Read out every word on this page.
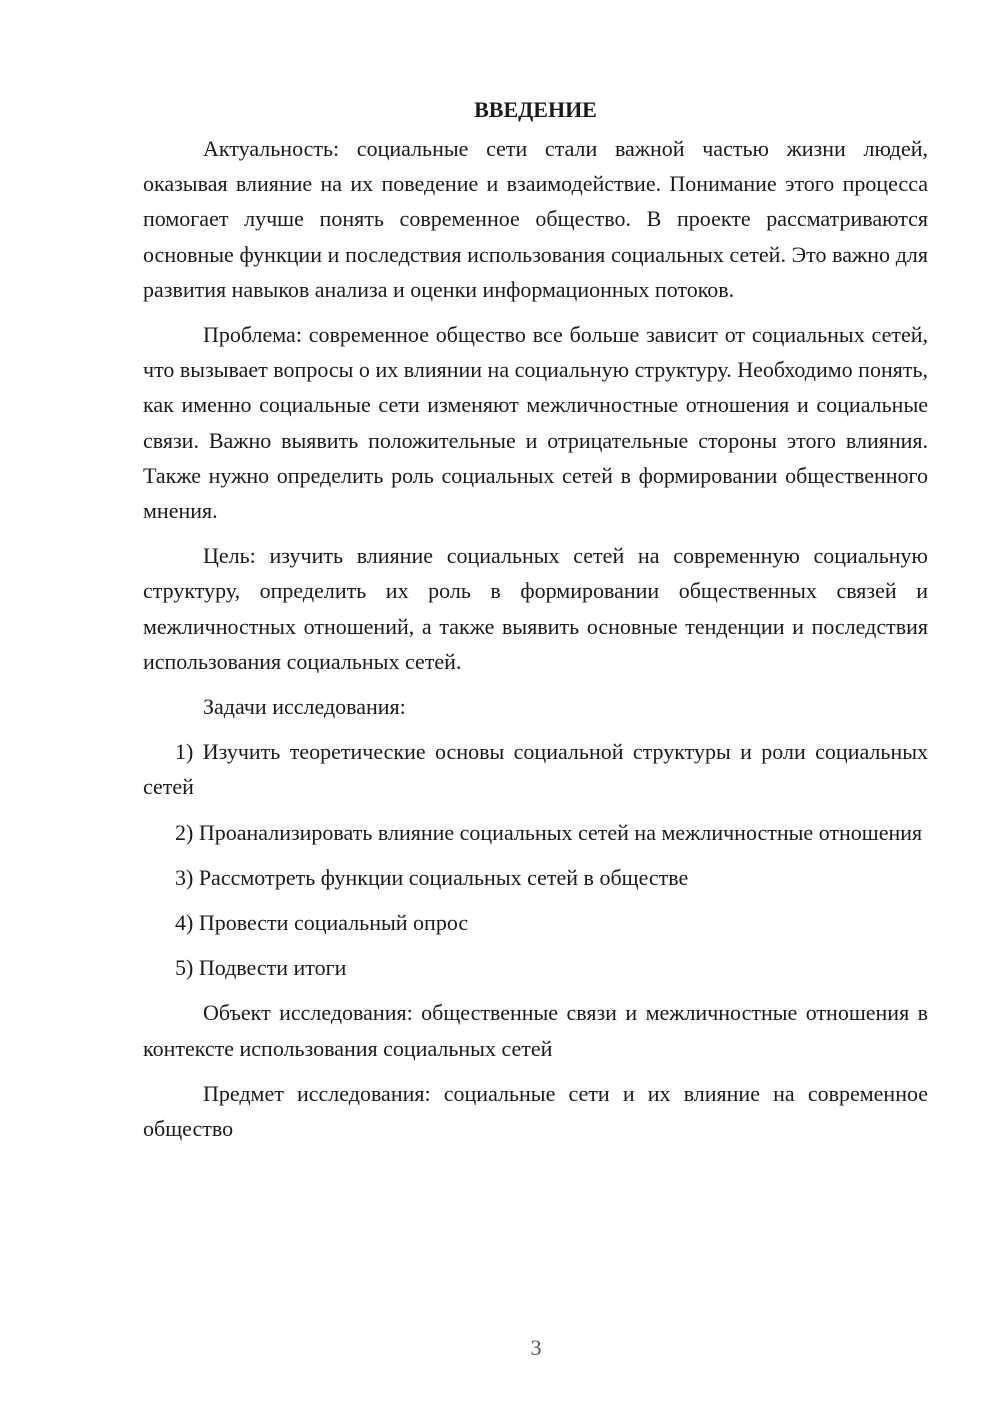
ВВЕДЕНИЕ

Актуальность: социальные сети стали важной частью жизни людей, оказывая влияние на их поведение и взаимодействие. Понимание этого процесса помогает лучше понять современное общество. В проекте рассматриваются основные функции и последствия использования социальных сетей. Это важно для развития навыков анализа и оценки информационных потоков.

Проблема: современное общество все больше зависит от социальных сетей, что вызывает вопросы о их влиянии на социальную структуру. Необходимо понять, как именно социальные сети изменяют межличностные отношения и социальные связи. Важно выявить положительные и отрицательные стороны этого влияния. Также нужно определить роль социальных сетей в формировании общественного мнения.

Цель: изучить влияние социальных сетей на современную социальную структуру, определить их роль в формировании общественных связей и межличностных отношений, а также выявить основные тенденции и последствия использования социальных сетей.

Задачи исследования:

1) Изучить теоретические основы социальной структуры и роли социальных сетей

2) Проанализировать влияние социальных сетей на межличностные отношения

3) Рассмотреть функции социальных сетей в обществе

4) Провести социальный опрос

5) Подвести итоги

Объект исследования: общественные связи и межличностные отношения в контексте использования социальных сетей

Предмет исследования: социальные сети и их влияние на современное общество

3
